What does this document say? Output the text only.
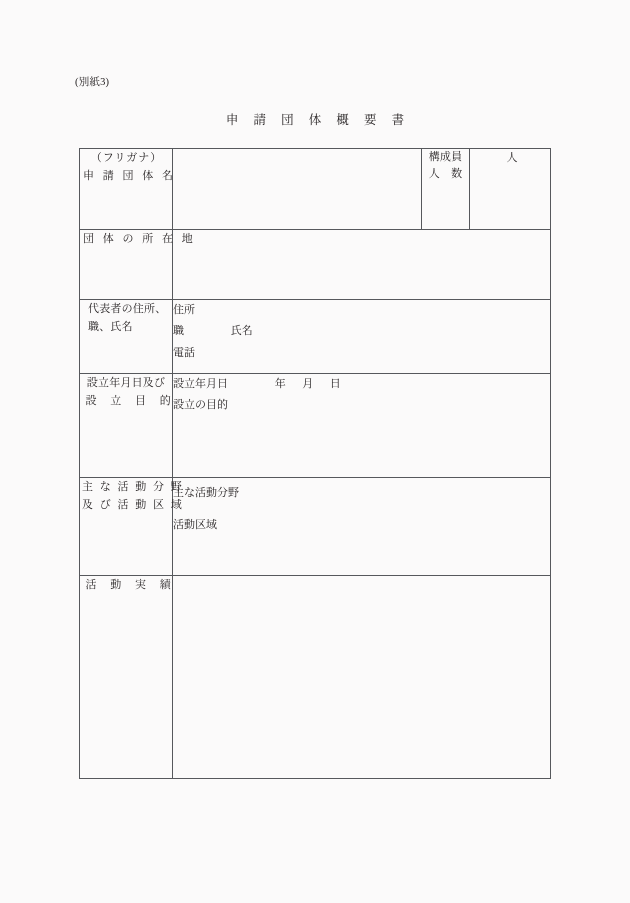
(別紙3)
申 請 団 体 概 要 書
（フリガナ）
申 請 団 体 名		構成員
人　数	人

団 体 の 所 在 地			

代表者の住所、
職、氏名	住所
職                 氏名
電話		

設立年月日及び
設 立 目 的	設立年月日                 年      月      日
設立の目的		

主 な 活 動 分 野
及 び 活 動 区 域	主な活動分野
活動区域		

活 動 実 績			
